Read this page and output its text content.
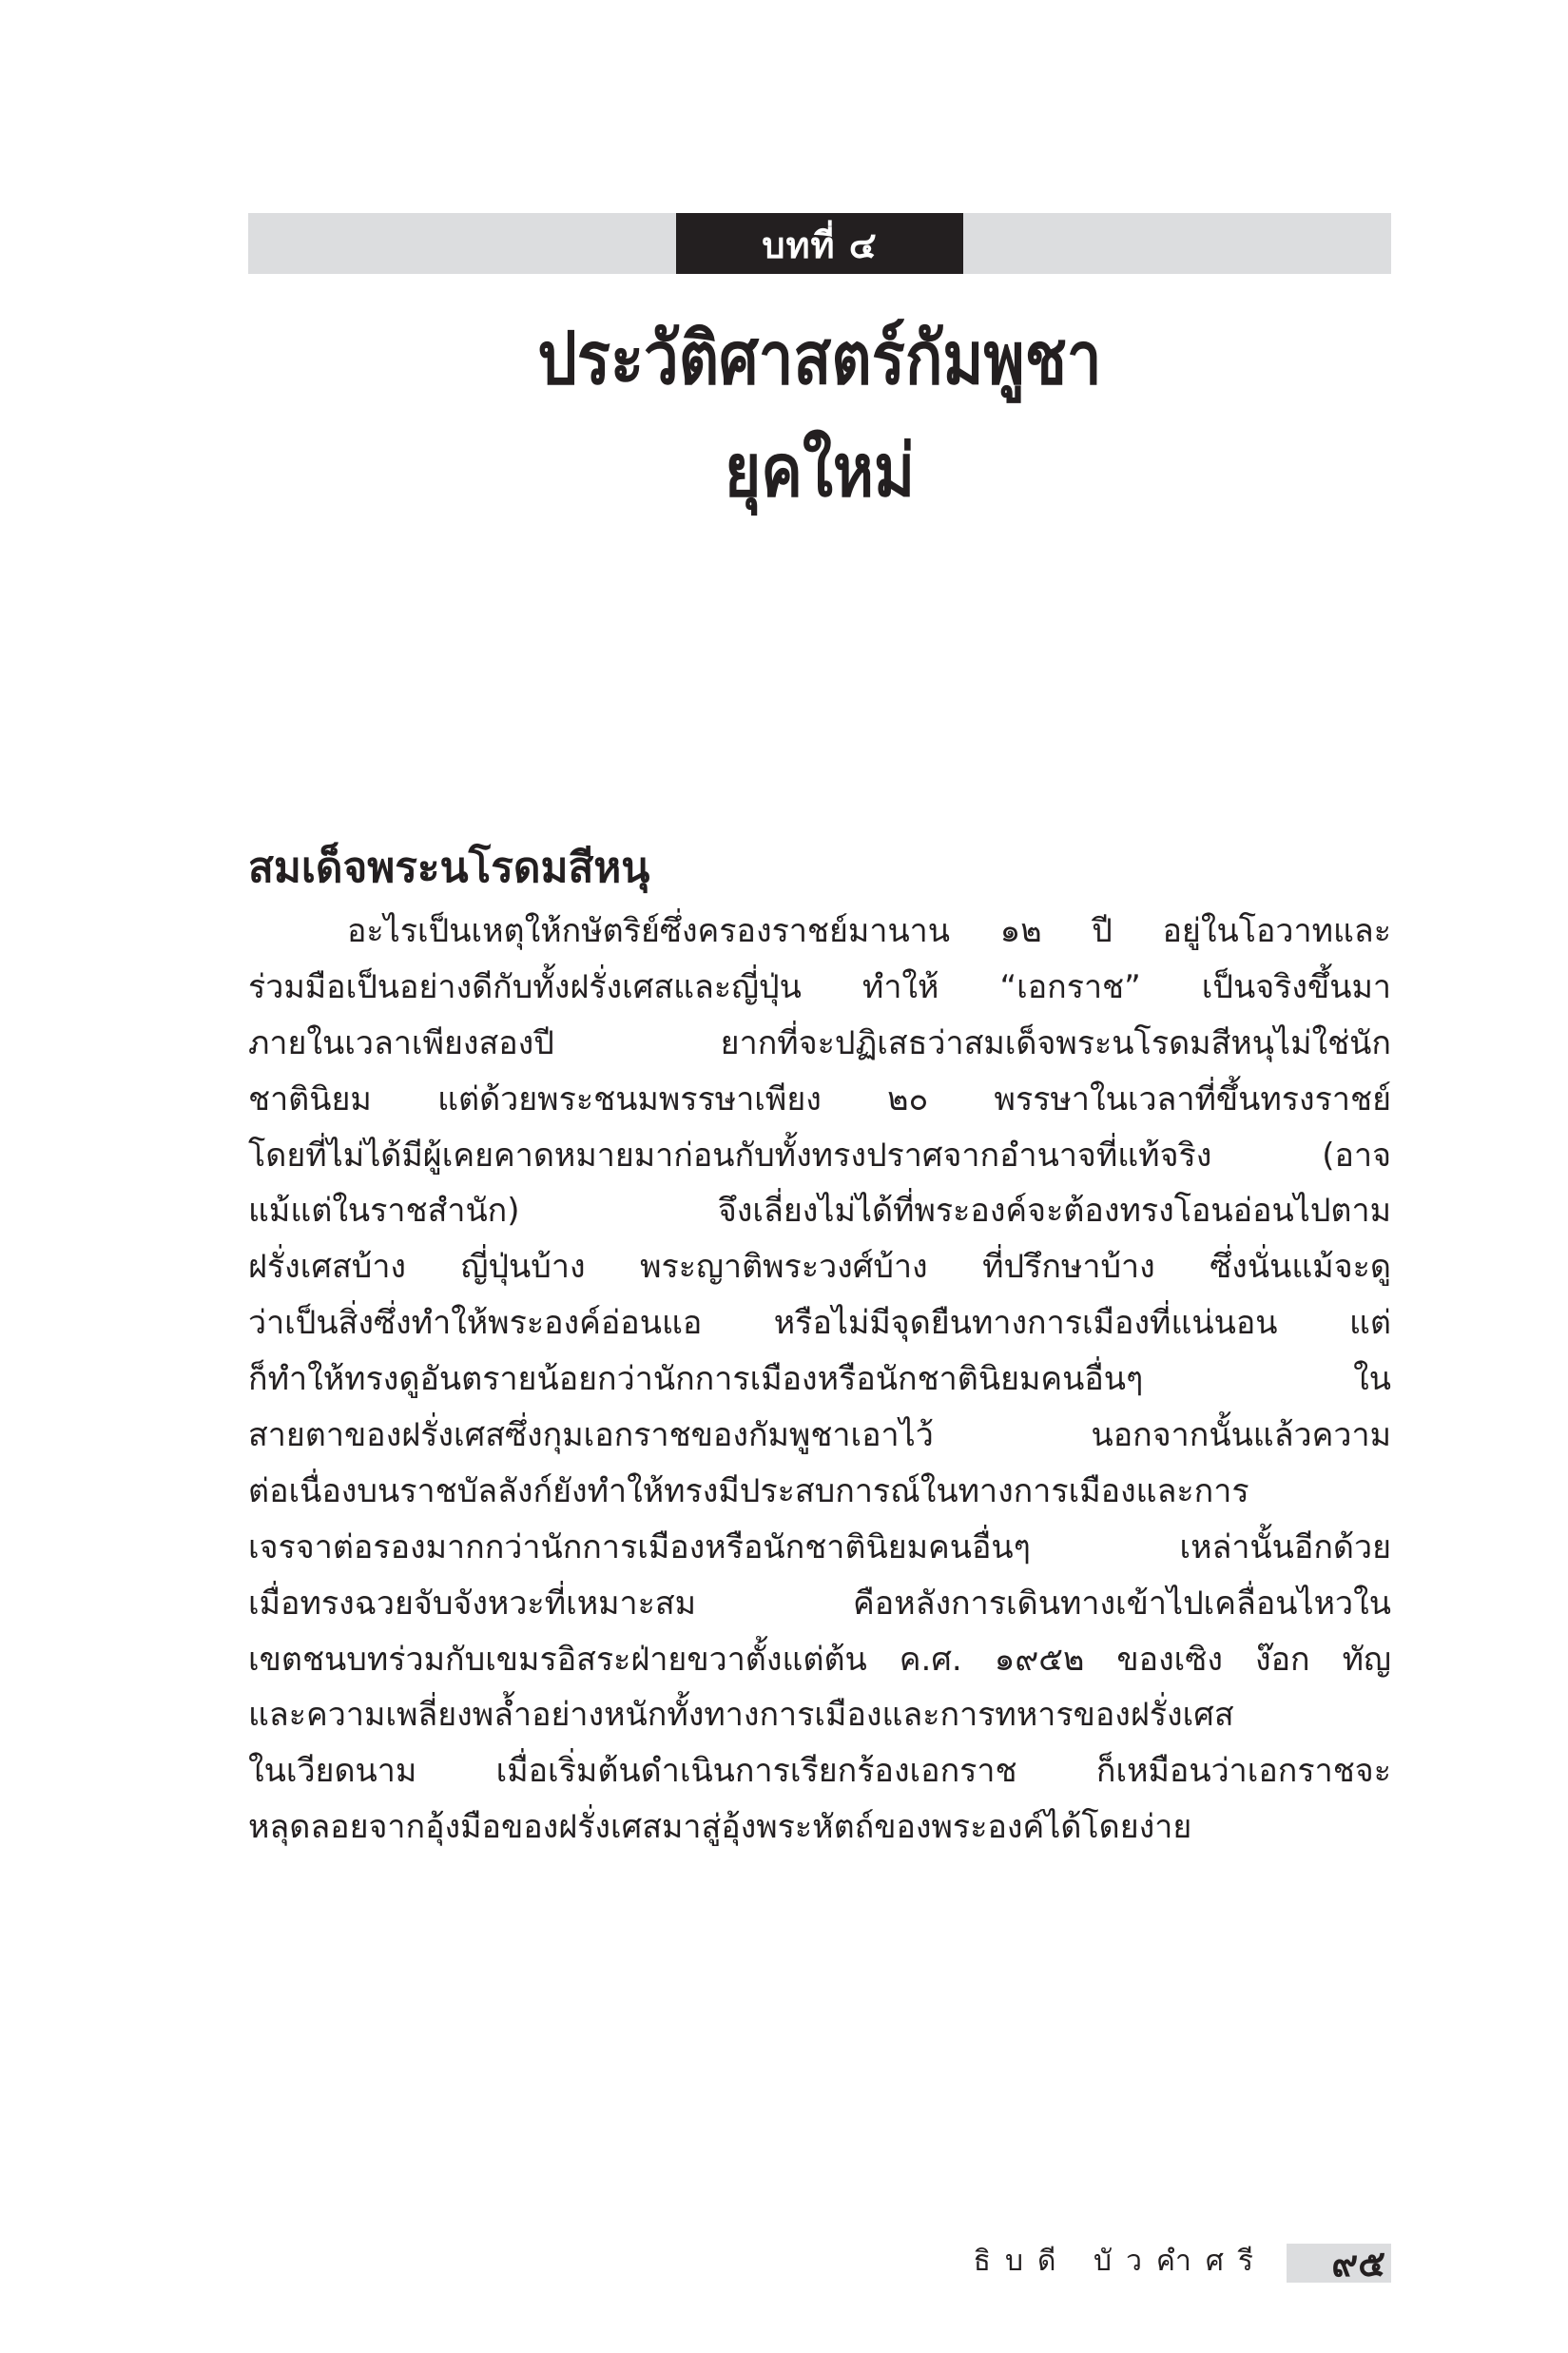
บทที่ ๔
ประวัติศาสตร์กัมพูชา
ยุคใหม่
สมเด็จพระนโรดมสีหนุ
อะไรเป็นเหตุให้กษัตริย์ซึ่งครองราชย์มานาน ๑๒ ปี อยู่ในโอวาทและ
ร่วมมือเป็นอย่างดีกับทั้งฝรั่งเศสและญี่ปุ่น ทำให้ “เอกราช” เป็นจริงขึ้นมา
ภายในเวลาเพียงสองปี ยากที่จะปฏิเสธว่าสมเด็จพระนโรดมสีหนุไม่ใช่นัก
ชาตินิยม แต่ด้วยพระชนมพรรษาเพียง ๒๐ พรรษาในเวลาที่ขึ้นทรงราชย์
โดยที่ไม่ได้มีผู้เคยคาดหมายมาก่อนกับทั้งทรงปราศจากอำนาจที่แท้จริง (อาจ
แม้แต่ในราชสำนัก) จึงเลี่ยงไม่ได้ที่พระองค์จะต้องทรงโอนอ่อนไปตาม
ฝรั่งเศสบ้าง ญี่ปุ่นบ้าง พระญาติพระวงศ์บ้าง ที่ปรึกษาบ้าง ซึ่งนั่นแม้จะดู
ว่าเป็นสิ่งซึ่งทำให้พระองค์อ่อนแอ หรือไม่มีจุดยืนทางการเมืองที่แน่นอน แต่
ก็ทำให้ทรงดูอันตรายน้อยกว่านักการเมืองหรือนักชาตินิยมคนอื่นๆ ใน
สายตาของฝรั่งเศสซึ่งกุมเอกราชของกัมพูชาเอาไว้ นอกจากนั้นแล้วความ
ต่อเนื่องบนราชบัลลังก์ยังทำให้ทรงมีประสบการณ์ในทางการเมืองและการ
เจรจาต่อรองมากกว่านักการเมืองหรือนักชาตินิยมคนอื่นๆ เหล่านั้นอีกด้วย
เมื่อทรงฉวยจับจังหวะที่เหมาะสม คือหลังการเดินทางเข้าไปเคลื่อนไหวใน
เขตชนบทร่วมกับเขมรอิสระฝ่ายขวาตั้งแต่ต้น ค.ศ. ๑๙๕๒ ของเซิง ง๊อก ทัญ
และความเพลี่ยงพล้ำอย่างหนักทั้งทางการเมืองและการทหารของฝรั่งเศส
ในเวียดนาม เมื่อเริ่มต้นดำเนินการเรียกร้องเอกราช ก็เหมือนว่าเอกราชจะ
หลุดลอยจากอุ้งมือของฝรั่งเศสมาสู่อุ้งพระหัตถ์ของพระองค์ได้โดยง่าย
ธิบดี บัวคำศรี ๙๕
